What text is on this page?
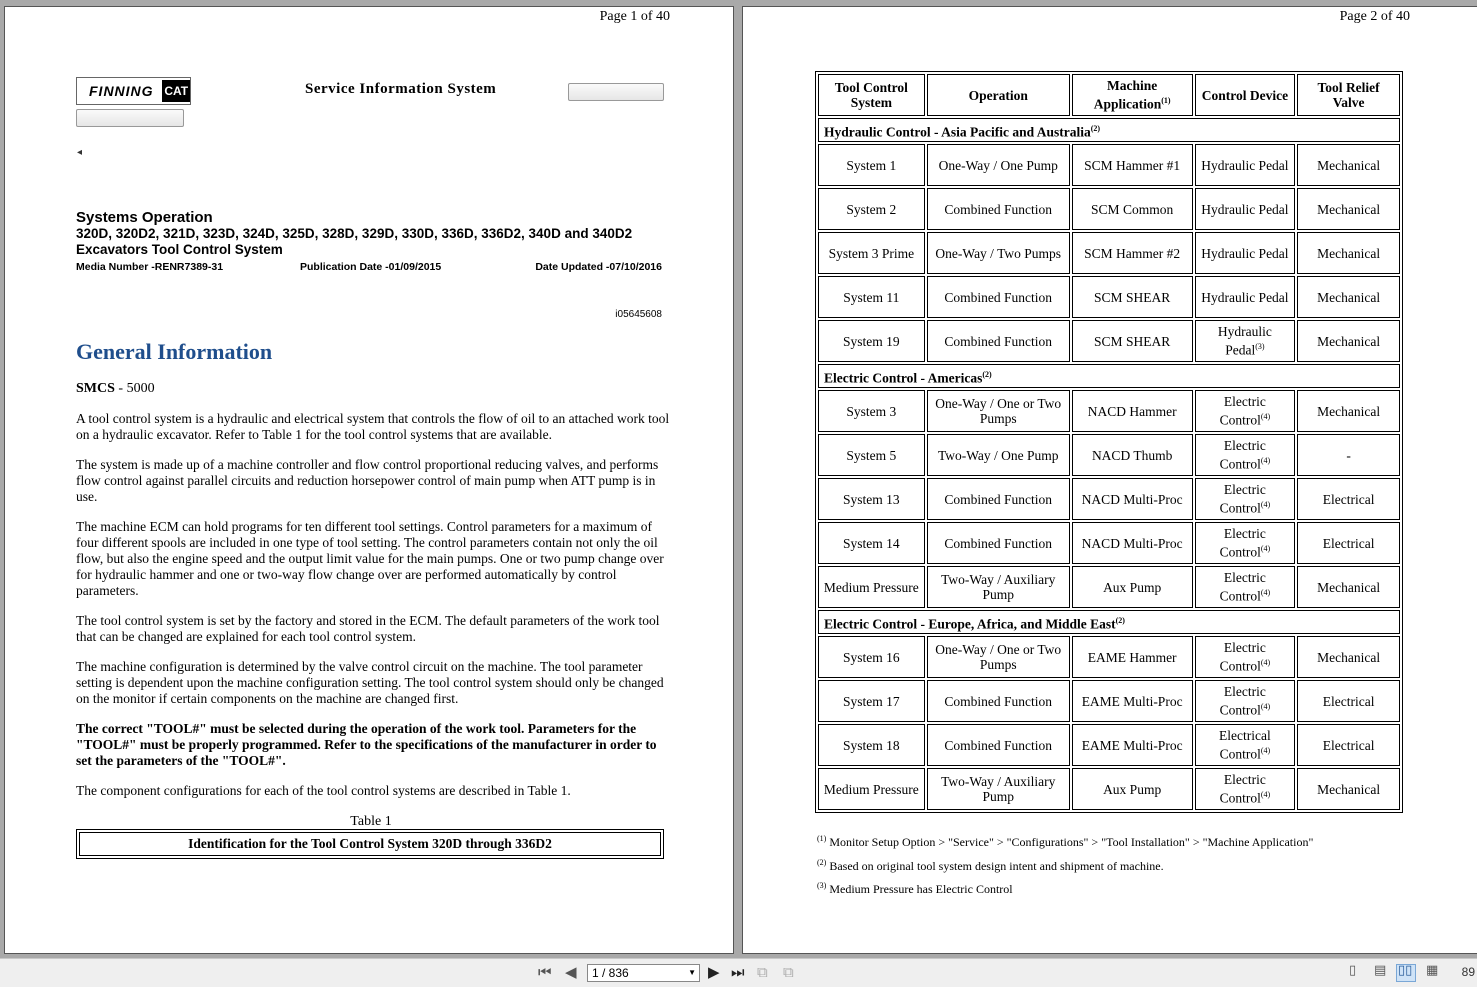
Page 1 of 40
FINNING CAT	Service Information System
◂
Systems Operation
320D, 320D2, 321D, 323D, 324D, 325D, 328D, 329D, 330D, 336D, 336D2, 340D and 340D2 Excavators Tool Control System
Media Number -RENR7389-31	Publication Date -01/09/2015	Date Updated -07/10/2016
i05645608
General Information
SMCS - 5000
A tool control system is a hydraulic and electrical system that controls the flow of oil to an attached work tool on a hydraulic excavator. Refer to Table 1 for the tool control systems that are available.
The system is made up of a machine controller and flow control proportional reducing valves, and performs flow control against parallel circuits and reduction horsepower control of main pump when ATT pump is in use.
The machine ECM can hold programs for ten different tool settings. Control parameters for a maximum of four different spools are included in one type of tool setting. The control parameters contain not only the oil flow, but also the engine speed and the output limit value for the main pumps. One or two pump change over for hydraulic hammer and one or two-way flow change over are performed automatically by control parameters.
The tool control system is set by the factory and stored in the ECM. The default parameters of the work tool that can be changed are explained for each tool control system.
The machine configuration is determined by the valve control circuit on the machine. The tool parameter setting is dependent upon the machine configuration setting. The tool control system should only be changed on the monitor if certain components on the machine are changed first.
The correct "TOOL#" must be selected during the operation of the work tool. Parameters for the "TOOL#" must be properly programmed. Refer to the specifications of the manufacturer in order to set the parameters of the "TOOL#".
The component configurations for each of the tool control systems are described in Table 1.
Table 1
Identification for the Tool Control System 320D through 336D2
Page 2 of 40
Tool Control System	Operation	Machine Application$^{(1)}$	Control Device	Tool Relief Valve
Hydraulic Control - Asia Pacific and Australia$^{(2)}$
System 1	One-Way / One Pump	SCM Hammer #1	Hydraulic Pedal	Mechanical
System 2	Combined Function	SCM Common	Hydraulic Pedal	Mechanical
System 3 Prime	One-Way / Two Pumps	SCM Hammer #2	Hydraulic Pedal	Mechanical
System 11	Combined Function	SCM SHEAR	Hydraulic Pedal	Mechanical
System 19	Combined Function	SCM SHEAR	Hydraulic Pedal$^{(3)}$	Mechanical
Electric Control - Americas$^{(2)}$
System 3	One-Way / One or Two Pumps	NACD Hammer	Electric Control$^{(4)}$	Mechanical
System 5	Two-Way / One Pump	NACD Thumb	Electric Control$^{(4)}$	-
System 13	Combined Function	NACD Multi-Proc	Electric Control$^{(4)}$	Electrical
System 14	Combined Function	NACD Multi-Proc	Electric Control$^{(4)}$	Electrical
Medium Pressure	Two-Way / Auxiliary Pump	Aux Pump	Electric Control$^{(4)}$	Mechanical
Electric Control - Europe, Africa, and Middle East$^{(2)}$
System 16	One-Way / One or Two Pumps	EAME Hammer	Electric Control$^{(4)}$	Mechanical
System 17	Combined Function	EAME Multi-Proc	Electric Control$^{(4)}$	Electrical
System 18	Combined Function	EAME Multi-Proc	Electrical Control$^{(4)}$	Electrical
Medium Pressure	Two-Way / Auxiliary Pump	Aux Pump	Electric Control$^{(4)}$	Mechanical
$^{(1)}$ Monitor Setup Option > "Service" > "Configurations" > "Tool Installation" > "Machine Application"
$^{(2)}$ Based on original tool system design intent and shipment of machine.
$^{(3)}$ Medium Pressure has Electric Control
⏮ ◀	1 / 836	▼ ▶ ⏭ ⧉ ⧉	▯ ▤ ▯▯ ▦ 89
